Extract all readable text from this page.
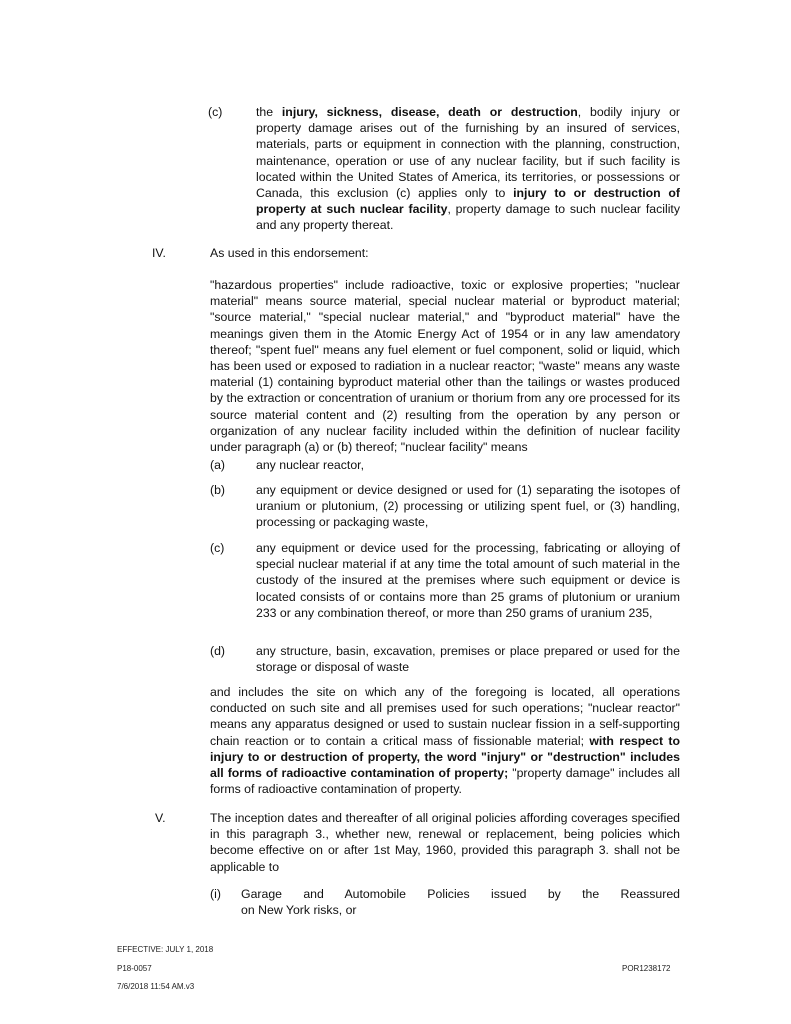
(c)	the injury, sickness, disease, death or destruction, bodily injury or property damage arises out of the furnishing by an insured of services, materials, parts or equipment in connection with the planning, construction, maintenance, operation or use of any nuclear facility, but if such facility is located within the United States of America, its territories, or possessions or Canada, this exclusion (c) applies only to injury to or destruction of property at such nuclear facility, property damage to such nuclear facility and any property thereat.
IV.	As used in this endorsement:
"hazardous properties" include radioactive, toxic or explosive properties; "nuclear material" means source material, special nuclear material or byproduct material; "source material," "special nuclear material," and "byproduct material" have the meanings given them in the Atomic Energy Act of 1954 or in any law amendatory thereof; "spent fuel" means any fuel element or fuel component, solid or liquid, which has been used or exposed to radiation in a nuclear reactor; "waste" means any waste material (1) containing byproduct material other than the tailings or wastes produced by the extraction or concentration of uranium or thorium from any ore processed for its source material content and (2) resulting from the operation by any person or organization of any nuclear facility included within the definition of nuclear facility under paragraph (a) or (b) thereof; "nuclear facility" means
(a)	any nuclear reactor,
(b)	any equipment or device designed or used for (1) separating the isotopes of uranium or plutonium, (2) processing or utilizing spent fuel, or (3) handling, processing or packaging waste,
(c)	any equipment or device used for the processing, fabricating or alloying of special nuclear material if at any time the total amount of such material in the custody of the insured at the premises where such equipment or device is located consists of or contains more than 25 grams of plutonium or uranium 233 or any combination thereof, or more than 250 grams of uranium 235,
(d)	any structure, basin, excavation, premises or place prepared or used for the storage or disposal of waste
and includes the site on which any of the foregoing is located, all operations conducted on such site and all premises used for such operations; "nuclear reactor" means any apparatus designed or used to sustain nuclear fission in a self-supporting chain reaction or to contain a critical mass of fissionable material; with respect to injury to or destruction of property, the word "injury" or "destruction" includes all forms of radioactive contamination of property; "property damage" includes all forms of radioactive contamination of property.
V.	The inception dates and thereafter of all original policies affording coverages specified in this paragraph 3., whether new, renewal or replacement, being policies which become effective on or after 1st May, 1960, provided this paragraph 3. shall not be applicable to
(i) Garage and Automobile Policies issued by the Reassured
on New York risks, or
EFFECTIVE: JULY 1, 2018
P18-0057	POR1238172
7/6/2018 11:54 AM.v3
